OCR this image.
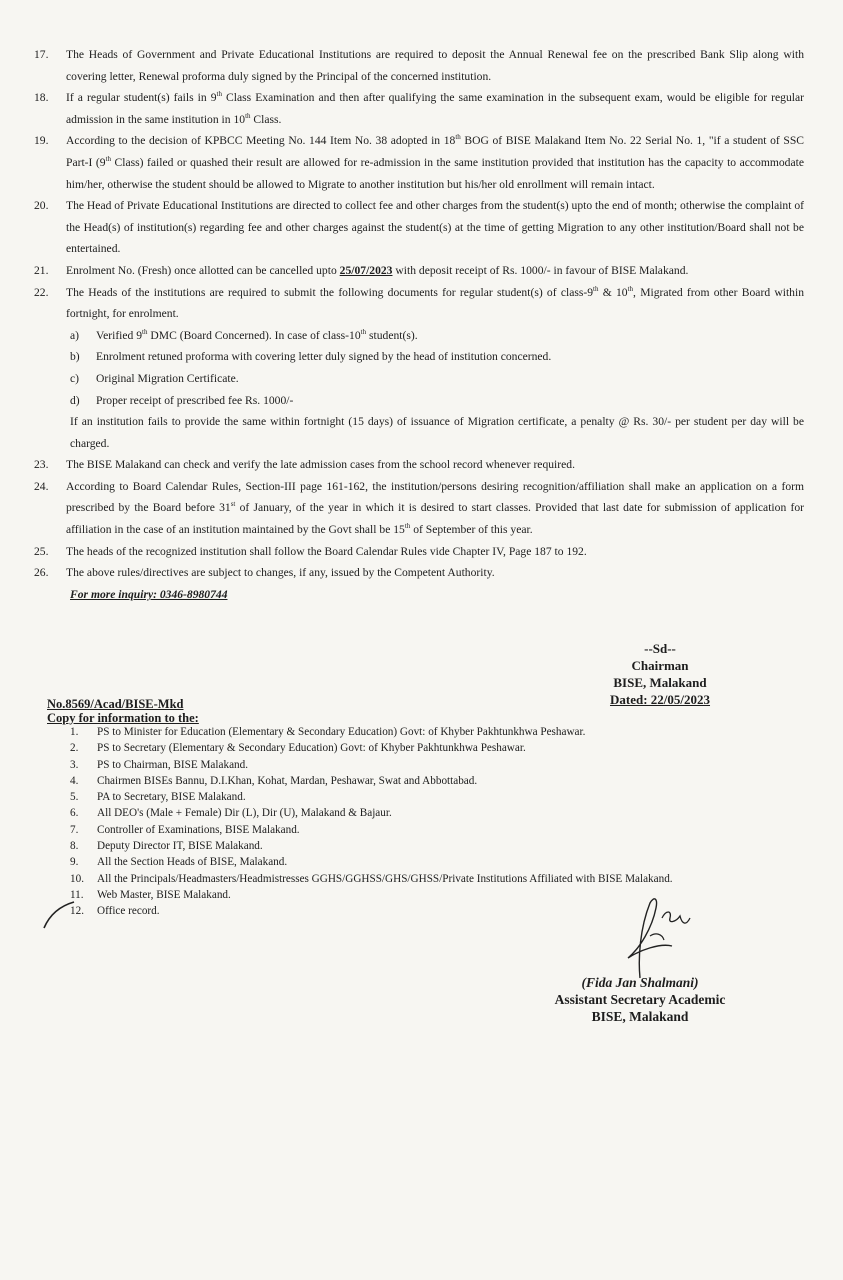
17.	The Heads of Government and Private Educational Institutions are required to deposit the Annual Renewal fee on the prescribed Bank Slip along with covering letter, Renewal proforma duly signed by the Principal of the concerned institution.
18.	If a regular student(s) fails in 9th Class Examination and then after qualifying the same examination in the subsequent exam, would be eligible for regular admission in the same institution in 10th Class.
19.	According to the decision of KPBCC Meeting No. 144 Item No. 38 adopted in 18th BOG of BISE Malakand Item No. 22 Serial No. 1, "if a student of SSC Part-I (9th Class) failed or quashed their result are allowed for re-admission in the same institution provided that institution has the capacity to accommodate him/her, otherwise the student should be allowed to Migrate to another institution but his/her old enrollment will remain intact.
20.	The Head of Private Educational Institutions are directed to collect fee and other charges from the student(s) upto the end of month; otherwise the complaint of the Head(s) of institution(s) regarding fee and other charges against the student(s) at the time of getting Migration to any other institution/Board shall not be entertained.
21.	Enrolment No. (Fresh) once allotted can be cancelled upto 25/07/2023 with deposit receipt of Rs. 1000/- in favour of BISE Malakand.
22.	The Heads of the institutions are required to submit the following documents for regular student(s) of class-9th & 10th, Migrated from other Board within fortnight, for enrolment.
a)	Verified 9th DMC (Board Concerned). In case of class-10th student(s).
b)	Enrolment retuned proforma with covering letter duly signed by the head of institution concerned.
c)	Original Migration Certificate.
d)	Proper receipt of prescribed fee Rs. 1000/-
If an institution fails to provide the same within fortnight (15 days) of issuance of Migration certificate, a penalty @ Rs. 30/- per student per day will be charged.
23.	The BISE Malakand can check and verify the late admission cases from the school record whenever required.
24.	According to Board Calendar Rules, Section-III page 161-162, the institution/persons desiring recognition/affiliation shall make an application on a form prescribed by the Board before 31st of January, of the year in which it is desired to start classes. Provided that last date for submission of application for affiliation in the case of an institution maintained by the Govt shall be 15th of September of this year.
25.	The heads of the recognized institution shall follow the Board Calendar Rules vide Chapter IV, Page 187 to 192.
26.	The above rules/directives are subject to changes, if any, issued by the Competent Authority.
For more inquiry: 0346-8980744
--Sd--
Chairman
BISE, Malakand
Dated: 22/05/2023
No.8569/Acad/BISE-Mkd
Copy for information to the:
1.	PS to Minister for Education (Elementary & Secondary Education) Govt: of Khyber Pakhtunkhwa Peshawar.
2.	PS to Secretary (Elementary & Secondary Education) Govt: of Khyber Pakhtunkhwa Peshawar.
3.	PS to Chairman, BISE Malakand.
4.	Chairmen BISEs Bannu, D.I.Khan, Kohat, Mardan, Peshawar, Swat and Abbottabad.
5.	PA to Secretary, BISE Malakand.
6.	All DEO's (Male + Female) Dir (L), Dir (U), Malakand & Bajaur.
7.	Controller of Examinations, BISE Malakand.
8.	Deputy Director IT, BISE Malakand.
9.	All the Section Heads of BISE, Malakand.
10.	All the Principals/Headmasters/Headmistresses GGHS/GGHSS/GHS/GHSS/Private Institutions Affiliated with BISE Malakand.
11.	Web Master, BISE Malakand.
12.	Office record.
(Fida Jan Shalmani)
Assistant Secretary Academic
BISE, Malakand
